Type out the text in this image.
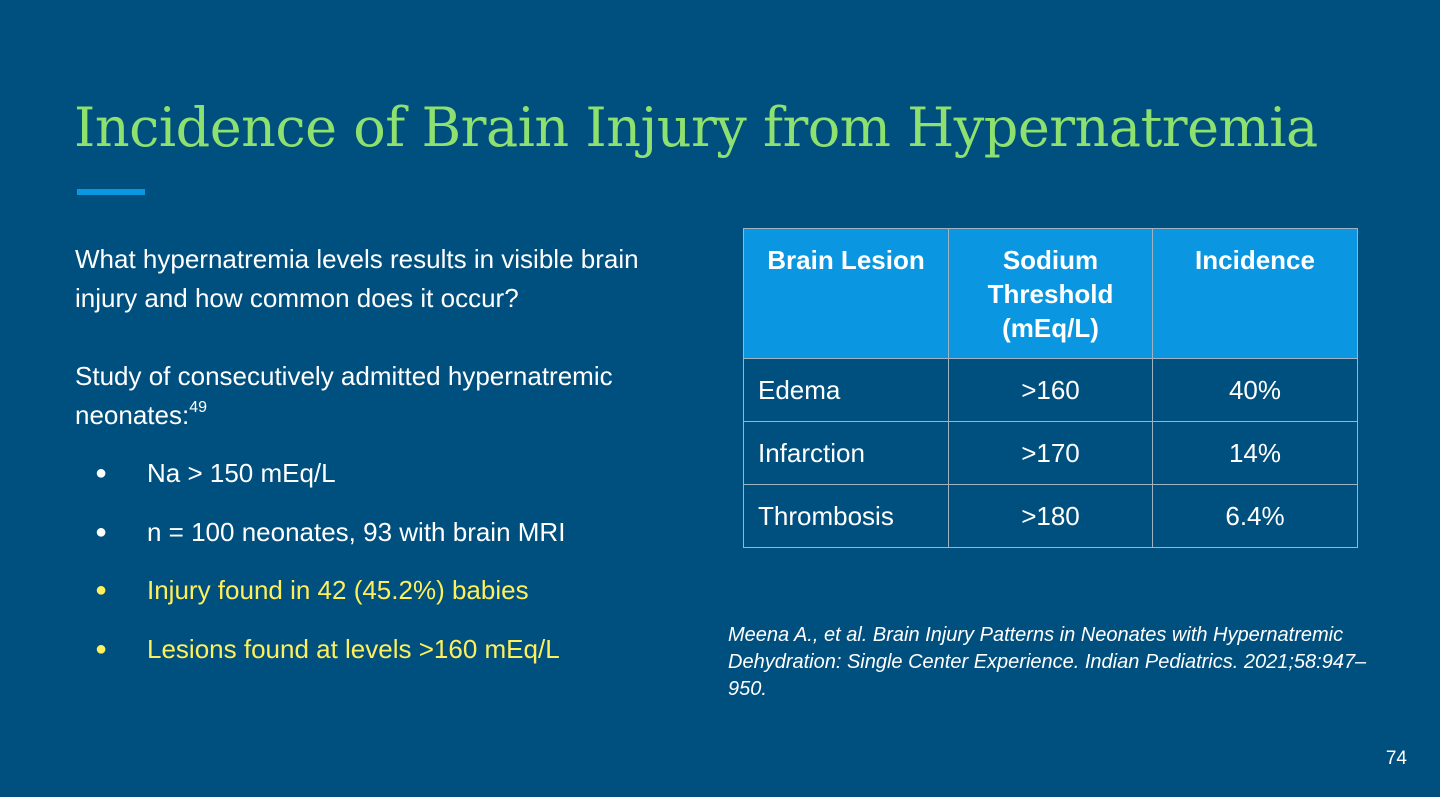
Incidence of Brain Injury from Hypernatremia

What hypernatremia levels results in visible brain injury and how common does it occur?

Study of consecutively admitted hypernatremic neonates:$^{49}$

● Na > 150 mEq/L
● n = 100 neonates, 93 with brain MRI
● Injury found in 42 (45.2%) babies
● Lesions found at levels >160 mEq/L
Brain Lesion	Sodium Threshold (mEq/L)	Incidence
Edema	>160	40%
Infarction	>170	14%
Thrombosis	>180	6.4%

Meena A., et al. Brain Injury Patterns in Neonates with Hypernatremic Dehydration: Single Center Experience. Indian Pediatrics. 2021;58:947–950.

74
